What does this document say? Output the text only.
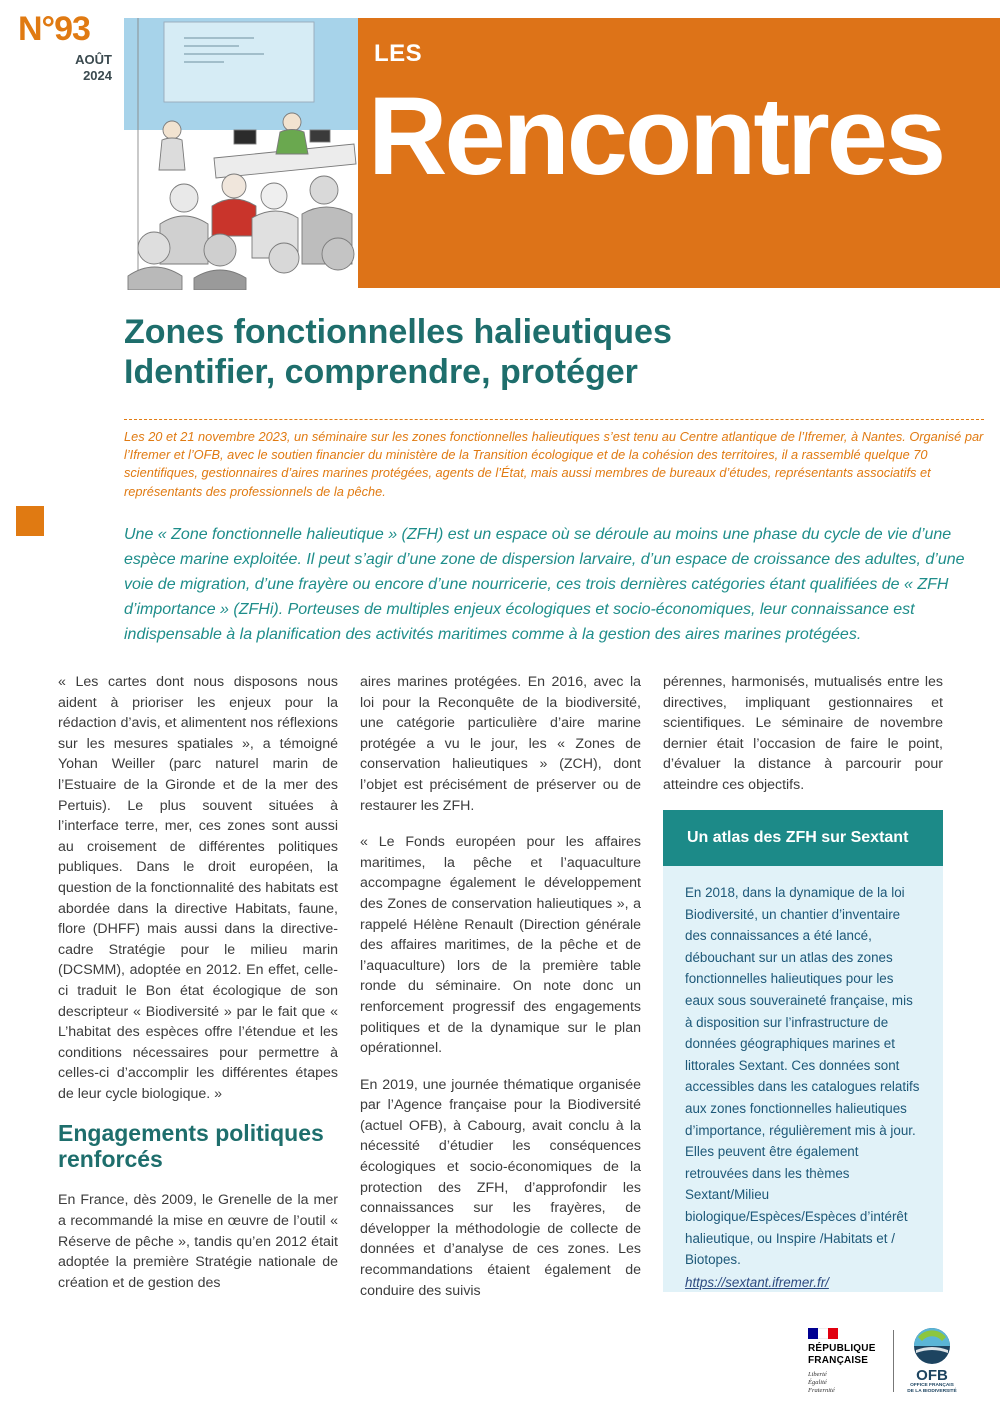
N°93
AOÛT
2024
LES
Rencontres
Zones fonctionnelles halieutiques
Identifier, comprendre, protéger
Les 20 et 21 novembre 2023, un séminaire sur les zones fonctionnelles halieutiques s’est tenu au Centre atlantique de l’Ifremer, à Nantes. Organisé par l’Ifremer et l’OFB, avec le soutien financier du ministère de la Transition écologique et de la cohésion des territoires, il a rassemblé quelque 70 scientifiques, gestionnaires d’aires marines protégées, agents de l’État, mais aussi membres de bureaux d’études, représentants associatifs et représentants des professionnels de la pêche.
Une « Zone fonctionnelle halieutique » (ZFH) est un espace où se déroule au moins une phase du cycle de vie d’une espèce marine exploitée. Il peut s’agir d’une zone de dispersion larvaire, d’un espace de croissance des adultes, d’une voie de migration, d’une frayère ou encore d’une nourricerie, ces trois dernières catégories étant qualifiées de « ZFH d’importance » (ZFHi). Porteuses de multiples enjeux écologiques et socio-économiques, leur connaissance est indispensable à la planification des activités maritimes comme à la gestion des aires marines protégées.

« Les cartes dont nous disposons nous aident à prioriser les enjeux pour la rédaction d’avis, et alimentent nos réflexions sur les mesures spatiales », a témoigné Yohan Weiller (parc naturel marin de l’Estuaire de la Gironde et de la mer des Pertuis). Le plus souvent situées à l’interface terre, mer, ces zones sont aussi au croisement de différentes politiques publiques. Dans le droit européen, la question de la fonctionnalité des habitats est abordée dans la directive Habitats, faune, flore (DHFF) mais aussi dans la directive-cadre Stratégie pour le milieu marin (DCSMM), adoptée en 2012. En effet, celle-ci traduit le Bon état écologique de son descripteur « Biodiversité » par le fait que « L’habitat des espèces offre l’étendue et les conditions nécessaires pour permettre à celles-ci d’accomplir les différentes étapes de leur cycle biologique. »

Engagements politiques renforcés

En France, dès 2009, le Grenelle de la mer a recommandé la mise en œuvre de l’outil « Réserve de pêche », tandis qu’en 2012 était adoptée la première Stratégie nationale de création et de gestion des

aires marines protégées. En 2016, avec la loi pour la Reconquête de la biodiversité, une catégorie particulière d’aire marine protégée a vu le jour, les « Zones de conservation halieutiques » (ZCH), dont l’objet est précisément de préserver ou de restaurer les ZFH.

« Le Fonds européen pour les affaires maritimes, la pêche et l’aquaculture accompagne également le développement des Zones de conservation halieutiques », a rappelé Hélène Renault (Direction générale des affaires maritimes, de la pêche et de l’aquaculture) lors de la première table ronde du séminaire. On note donc un renforcement progressif des engagements politiques et de la dynamique sur le plan opérationnel.

En 2019, une journée thématique organisée par l’Agence française pour la Biodiversité (actuel OFB), à Cabourg, avait conclu à la nécessité d’étudier les conséquences écologiques et socio-économiques de la protection des ZFH, d’approfondir les connaissances sur les frayères, de développer la méthodologie de collecte de données et d’analyse de ces zones. Les recommandations étaient également de conduire des suivis

pérennes, harmonisés, mutualisés entre les directives, impliquant gestionnaires et scientifiques. Le séminaire de novembre dernier était l’occasion de faire le point, d’évaluer la distance à parcourir pour atteindre ces objectifs.

Un atlas des ZFH sur Sextant
En 2018, dans la dynamique de la loi Biodiversité, un chantier d’inventaire des connaissances a été lancé, débouchant sur un atlas des zones fonctionnelles halieutiques pour les eaux sous souveraineté française, mis à disposition sur l’infrastructure de données géographiques marines et littorales Sextant. Ces données sont accessibles dans les catalogues relatifs aux zones fonctionnelles halieutiques d’importance, régulièrement mis à jour. Elles peuvent être également retrouvées dans les thèmes Sextant/Milieu biologique/Espèces/Espèces d’intérêt halieutique, ou Inspire /Habitats et / Biotopes.
https://sextant.ifremer.fr/
RÉPUBLIQUE
FRANÇAISE
Liberté
Égalité
Fraternité
OFB
OFFICE FRANÇAIS
DE LA BIODIVERSITÉ
